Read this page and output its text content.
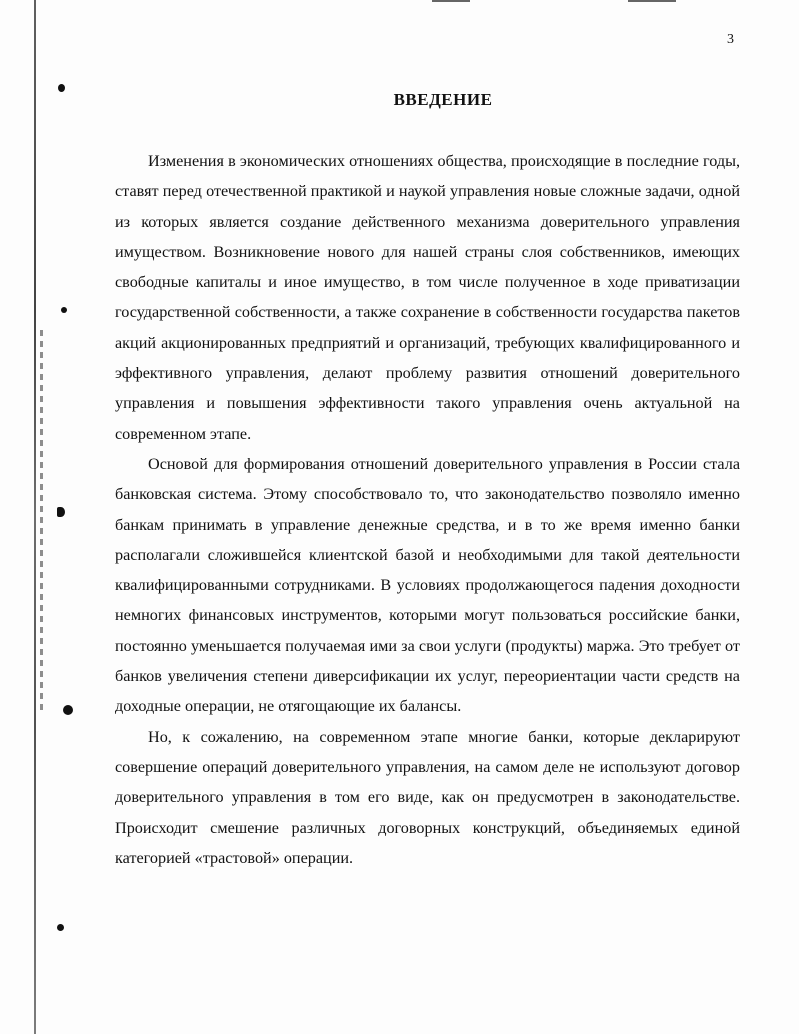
3
ВВЕДЕНИЕ

Изменения в экономических отношениях общества, происходящие в последние годы, ставят перед отечественной практикой и наукой управления новые сложные задачи, одной из которых является создание действенного механизма доверительного управления имуществом. Возникновение нового для нашей страны слоя собственников, имеющих свободные капиталы и иное имущество, в том числе полученное в ходе приватизации государственной собственности, а также сохранение в собственности государства пакетов акций акционированных предприятий и организаций, требующих квалифицированного и эффективного управления, делают проблему развития отношений доверительного управления и повышения эффективности такого управления очень актуальной на современном этапе.

Основой для формирования отношений доверительного управления в России стала банковская система. Этому способствовало то, что законодательство позволяло именно банкам принимать в управление денежные средства, и в то же время именно банки располагали сложившейся клиентской базой и необходимыми для такой деятельности квалифицированными сотрудниками. В условиях продолжающегося падения доходности немногих финансовых инструментов, которыми могут пользоваться российские банки, постоянно уменьшается получаемая ими за свои услуги (продукты) маржа. Это требует от банков увеличения степени диверсификации их услуг, переориентации части средств на доходные операции, не отягощающие их балансы.

Но, к сожалению, на современном этапе многие банки, которые декларируют совершение операций доверительного управления, на самом деле не используют договор доверительного управления в том его виде, как он предусмотрен в законодательстве. Происходит смешение различных договорных конструкций, объединяемых единой категорией «трастовой» операции.
